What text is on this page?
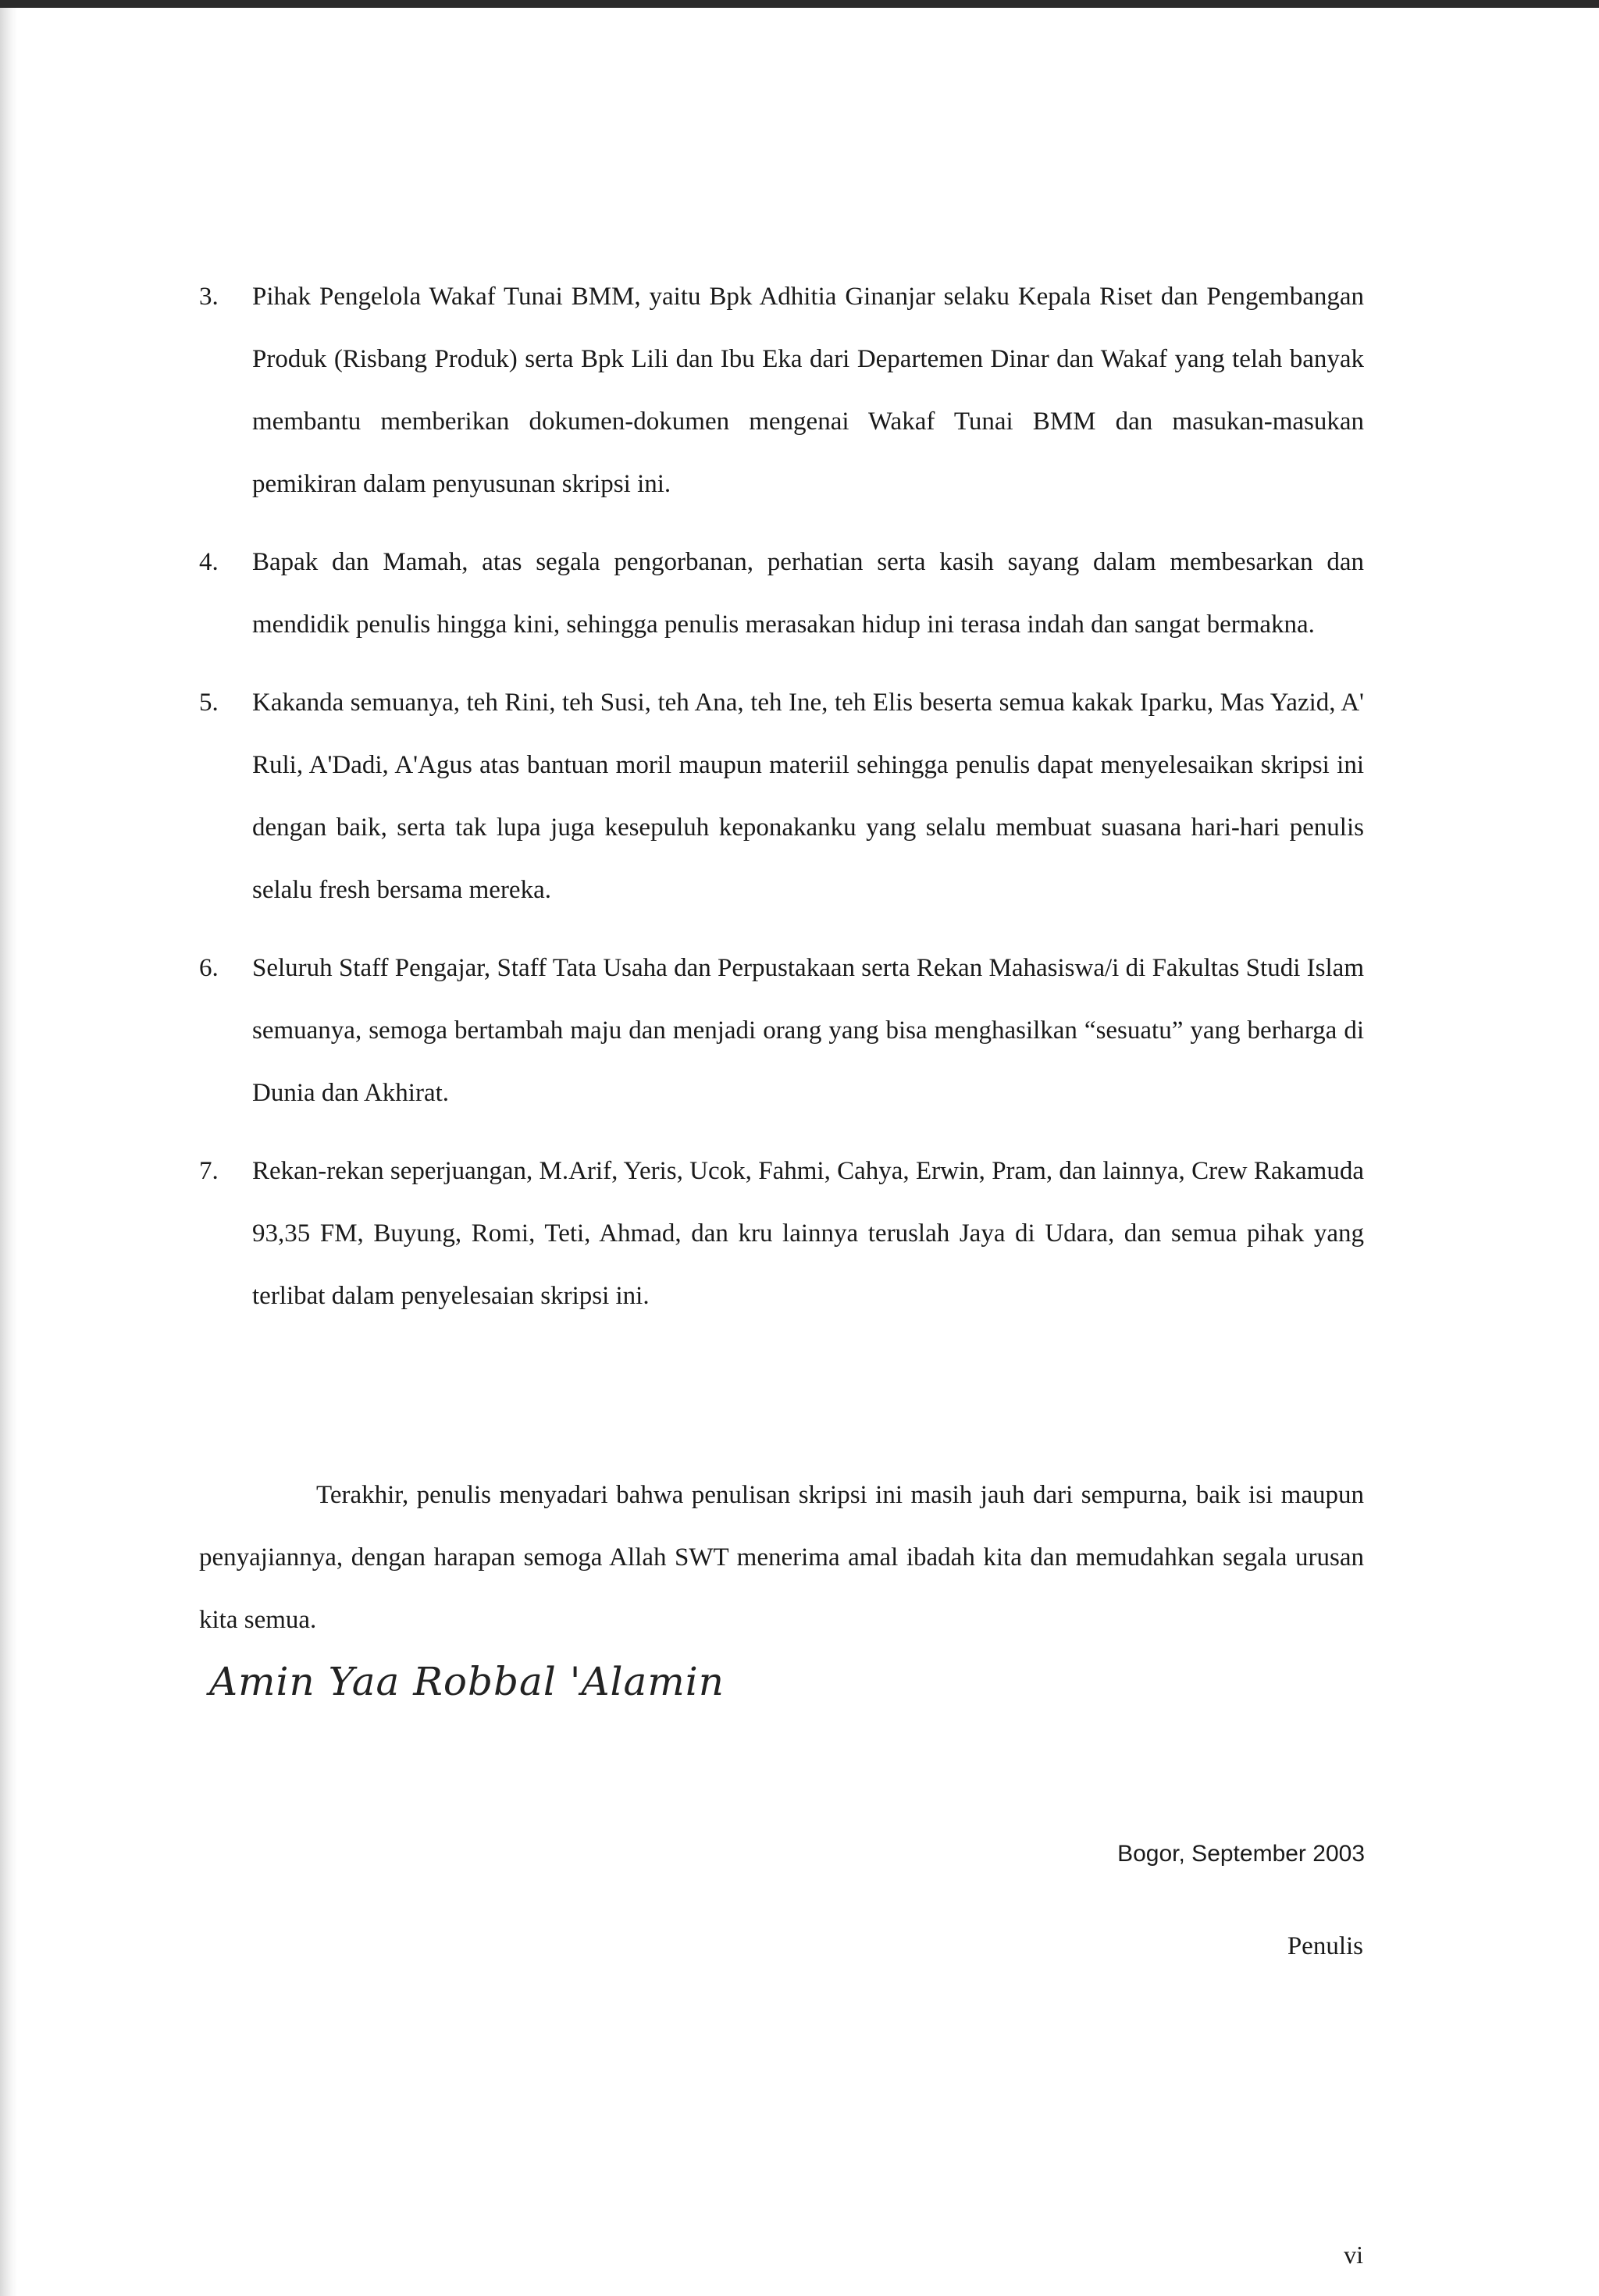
3. Pihak Pengelola Wakaf Tunai BMM, yaitu Bpk Adhitia Ginanjar selaku Kepala Riset dan Pengembangan Produk (Risbang Produk) serta Bpk Lili dan Ibu Eka dari Departemen Dinar dan Wakaf yang telah banyak membantu memberikan dokumen-dokumen mengenai Wakaf Tunai BMM dan masukan-masukan pemikiran dalam penyusunan skripsi ini.
4. Bapak dan Mamah, atas segala pengorbanan, perhatian serta kasih sayang dalam membesarkan dan mendidik penulis hingga kini, sehingga penulis merasakan hidup ini terasa indah dan sangat bermakna.
5. Kakanda semuanya, teh Rini, teh Susi, teh Ana, teh Ine, teh Elis beserta semua kakak Iparku, Mas Yazid, A' Ruli, A'Dadi, A'Agus atas bantuan moril maupun materiil sehingga penulis dapat menyelesaikan skripsi ini dengan baik, serta tak lupa juga kesepuluh keponakanku yang selalu membuat suasana hari-hari penulis selalu fresh bersama mereka.
6. Seluruh Staff Pengajar, Staff Tata Usaha dan Perpustakaan serta Rekan Mahasiswa/i di Fakultas Studi Islam semuanya, semoga bertambah maju dan menjadi orang yang bisa menghasilkan “sesuatu” yang berharga di Dunia dan Akhirat.
7. Rekan-rekan seperjuangan, M.Arif, Yeris, Ucok, Fahmi, Cahya, Erwin, Pram, dan lainnya, Crew Rakamuda 93,35 FM, Buyung, Romi, Teti, Ahmad, dan kru lainnya teruslah Jaya di Udara, dan semua pihak yang terlibat dalam penyelesaian skripsi ini.

Terakhir, penulis menyadari bahwa penulisan skripsi ini masih jauh dari sempurna, baik isi maupun penyajiannya, dengan harapan semoga Allah SWT menerima amal ibadah kita dan memudahkan segala urusan kita semua.

Amin Yaa Robbal 'Alamin
Bogor, September 2003
Penulis
vi
